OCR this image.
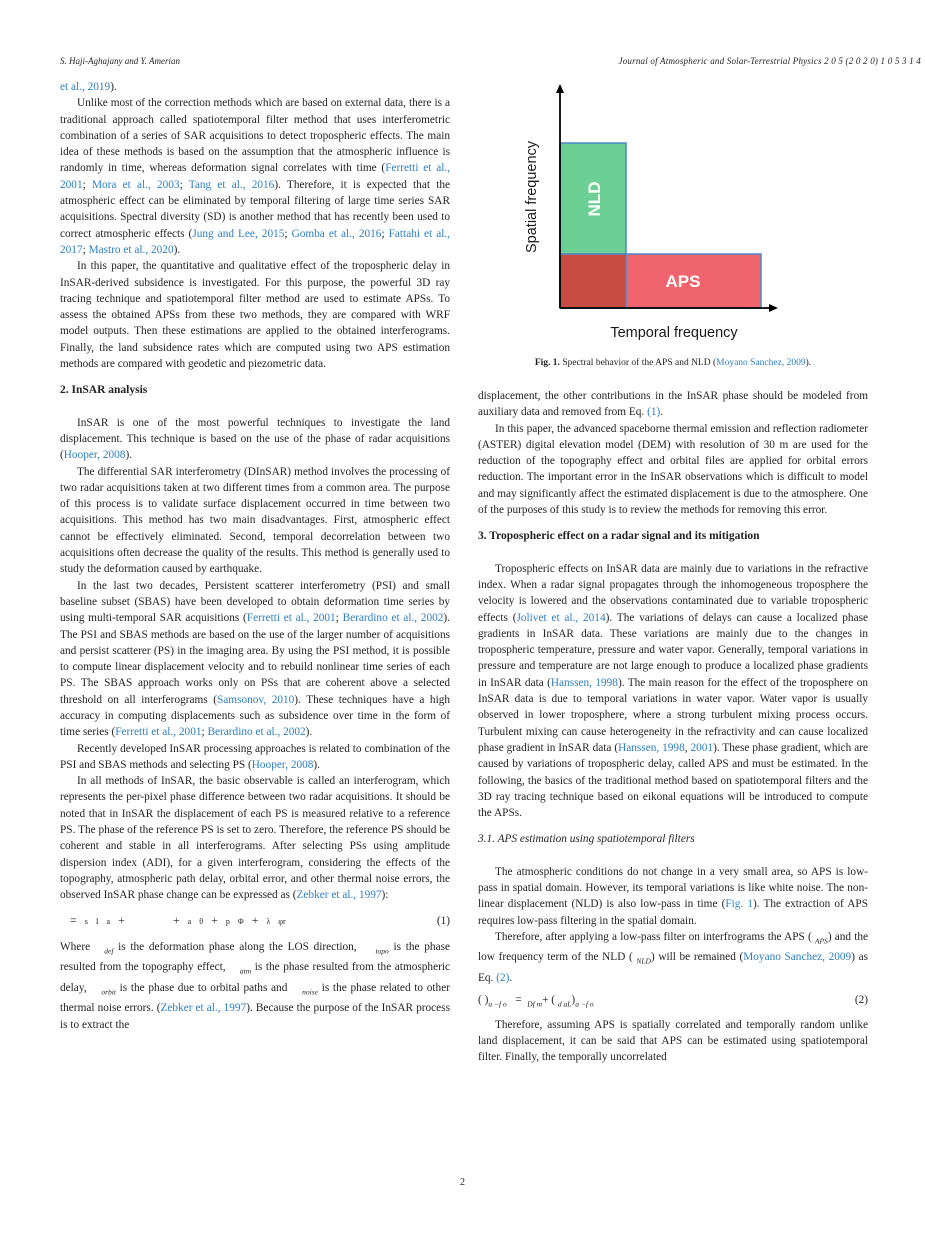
S. Haji-Aghajany and Y. Amerian	Journal of Atmospheric and Solar-Terrestrial Physics 2 0 5 (2 0 2 0) 1 0 5 3 1 4

et al., 2019).

Unlike most of the correction methods which are based on external data, there is a traditional approach called spatiotemporal filter method that uses interferometric combination of a series of SAR acquisitions to detect tropospheric effects. The main idea of these methods is based on the assumption that the atmospheric influence is randomly in time, whereas deformation signal correlates with time (Ferretti et al., 2001; Mora et al., 2003; Tang et al., 2016). Therefore, it is expected that the atmospheric effect can be eliminated by temporal filtering of large time series SAR acquisitions. Spectral diversity (SD) is another method that has recently been used to correct atmospheric effects (Jung and Lee, 2015; Gomba et al., 2016; Fattahi et al., 2017; Mastro et al., 2020).

In this paper, the quantitative and qualitative effect of the tropospheric delay in InSAR-derived subsidence is investigated. For this purpose, the powerful 3D ray tracing technique and spatiotemporal filter method are used to estimate APSs. To assess the obtained APSs from these two methods, they are compared with WRF model outputs. Then these estimations are applied to the obtained interferograms. Finally, the land subsidence rates which are computed using two APS estimation methods are compared with geodetic and piezometric data.

2. InSAR analysis

InSAR is one of the most powerful techniques to investigate the land displacement. This technique is based on the use of the phase of radar acquisitions (Hooper, 2008).

The differential SAR interferometry (DInSAR) method involves the processing of two radar acquisitions taken at two different times from a common area. The purpose of this process is to validate surface displacement occurred in time between two acquisitions. This method has two main disadvantages. First, atmospheric effect cannot be effectively eliminated. Second, temporal decorrelation between two acquisitions often decrease the quality of the results. This method is generally used to study the deformation caused by earthquake.

In the last two decades, Persistent scatterer interferometry (PSI) and small baseline subset (SBAS) have been developed to obtain deformation time series by using multi-temporal SAR acquisitions (Ferretti et al., 2001; Berardino et al., 2002). The PSI and SBAS methods are based on the use of the larger number of acquisitions and persist scatterer (PS) in the imaging area. By using the PSI method, it is possible to compute linear displacement velocity and to rebuild nonlinear time series of each PS. The SBAS approach works only on PSs that are coherent above a selected threshold on all interferograms (Samsonov, 2010). These techniques have a high accuracy in computing displacements such as subsidence over time in the form of time series (Ferretti et al., 2001; Berardino et al., 2002).

Recently developed InSAR processing approaches is related to combination of the PSI and SBAS methods and selecting PS (Hooper, 2008).

In all methods of InSAR, the basic observable is called an interferogram, which represents the per-pixel phase difference between two radar acquisitions. It should be noted that in InSAR the displacement of each PS is measured relative to a reference PS. The phase of the reference PS is set to zero. Therefore, the reference PS should be coherent and stable in all interferograms. After selecting PSs using amplitude dispersion index (ADI), for a given interferogram, considering the effects of the topography, atmospheric path delay, orbital error, and other thermal noise errors, the observed InSAR phase change can be expressed as (Zebker et al., 1997):

= s I a +	+ a θ + p Φ + λ φr	(1)

Where $_{def}$ is the deformation phase along the LOS direction,	$_{topo}$ is the phase resulted from the topography effect, $_{atm}$ is the phase resulted from the atmospheric delay, $_{orbit}$ is the phase due to orbital paths and $_{noise}$ is the phase related to other thermal noise errors. (Zebker et al., 1997). Because the purpose of the InSAR process is to extract the

NLD
APS
Spatial frequency
Temporal frequency
Fig. 1. Spectral behavior of the APS and NLD (Moyano Sanchez, 2009).

displacement, the other contributions in the InSAR phase should be modeled from auxiliary data and removed from Eq. (1).

In this paper, the advanced spaceborne thermal emission and reflection radiometer (ASTER) digital elevation model (DEM) with resolution of 30 m are used for the reduction of the topography effect and orbital files are applied for orbital errors reduction. The important error in the InSAR observations which is difficult to model and may significantly affect the estimated displacement is due to the atmosphere. One of the purposes of this study is to review the methods for removing this error.

3. Tropospheric effect on a radar signal and its mitigation

Tropospheric effects on InSAR data are mainly due to variations in the refractive index. When a radar signal propagates through the inhomogeneous troposphere the velocity is lowered and the observations contaminated due to variable tropospheric effects (Jolivet et al., 2014). The variations of delays can cause a localized phase gradients in InSAR data. These variations are mainly due to the changes in tropospheric temperature, pressure and water vapor. Generally, temporal variations in pressure and temperature are not large enough to produce a localized phase gradients in InSAR data (Hanssen, 1998). The main reason for the effect of the troposphere on InSAR data is due to temporal variations in water vapor. Water vapor is usually observed in lower troposphere, where a strong turbulent mixing process occurs. Turbulent mixing can cause heterogeneity in the refractivity and can cause localized phase gradient in InSAR data (Hanssen, 1998, 2001). These phase gradient, which are caused by variations of tropospheric delay, called APS and must be estimated. In the following, the basics of the traditional method based on spatiotemporal filters and the 3D ray tracing technique based on eikonal equations will be introduced to compute the APSs.

3.1. APS estimation using spatiotemporal filters

The atmospheric conditions do not change in a very small area, so APS is low-pass in spatial domain. However, its temporal variations is like white noise. The non-linear displacement (NLD) is also low-pass in time (Fig. 1). The extraction of APS requires low-pass filtering in the spatial domain.

Therefore, after applying a low-pass filter on interfrograms the APS ( $_{APS}$) and the low frequency term of the NLD ( $_{NLD}$) will be remained (Moyano Sanchez, 2009) as Eq. (2).

( )$_{a -f o} = _{Df m}+$ ( $_{d aL})_{a -f o}$	(2)

Therefore, assuming APS is spatially correlated and temporally random unlike land displacement, it can be said that APS can be estimated using spatiotemporal filter. Finally, the temporally uncorrelated

2
